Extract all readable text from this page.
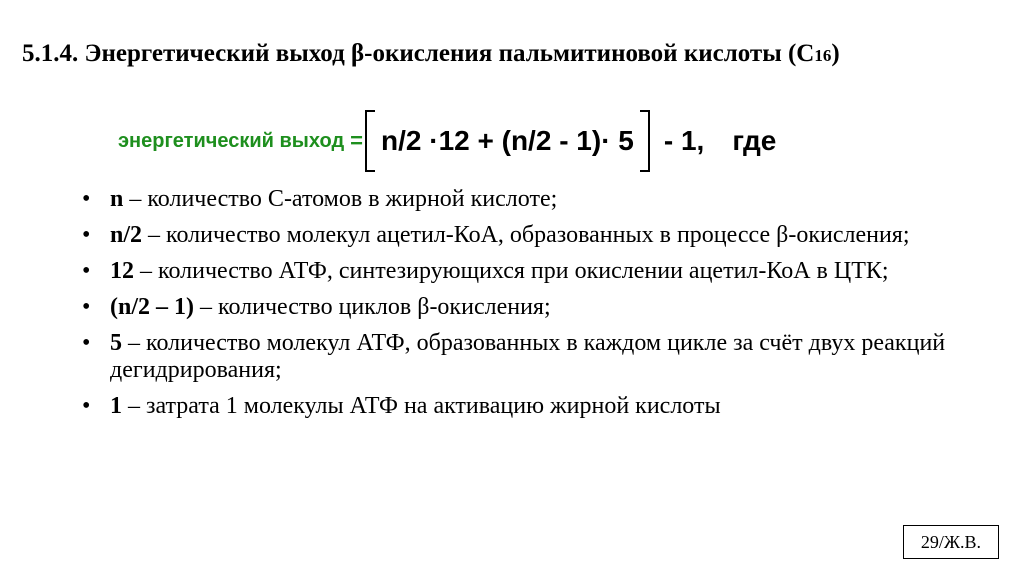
5.1.4. Энергетический выход β-окисления пальмитиновой кислоты (С16)
энергетический выход = n/2 ·12 + (n/2 - 1)· 5 - 1, где
• n – количество С-атомов в жирной кислоте;
• n/2 – количество молекул ацетил-КоА, образованных в процессе β-окисления;
• 12 – количество АТФ, синтезирующихся при окислении ацетил-КоА в ЦТК;
• (n/2 – 1) – количество циклов β-окисления;
• 5 – количество молекул АТФ, образованных в каждом цикле за счёт двух реакций дегидрирования;
• 1 – затрата 1 молекулы АТФ на активацию жирной кислоты
29/Ж.В.
